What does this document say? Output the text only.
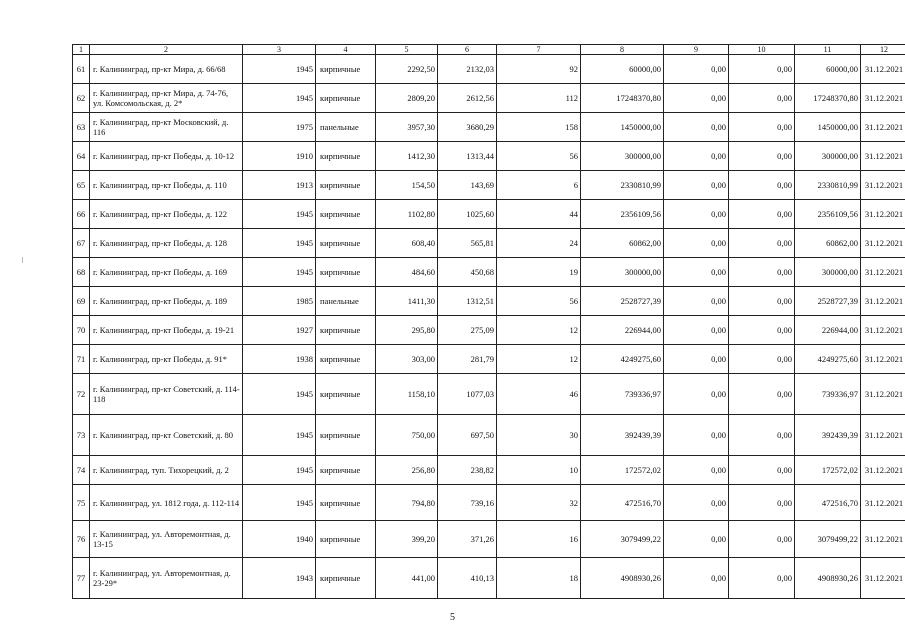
1	2	3	4	5	6	7	8	9	10	11	12
61	г. Калининград, пр-кт Мира, д. 66/68	1945	кирпичные	2292,50	2132,03	92	60000,00	0,00	0,00	60000,00	31.12.2021
62	г. Калининград, пр-кт Мира, д. 74-76, ул. Комсомольская, д. 2*	1945	кирпичные	2809,20	2612,56	112	17248370,80	0,00	0,00	17248370,80	31.12.2021
63	г. Калининград, пр-кт Московский, д. 116	1975	панельные	3957,30	3680,29	158	1450000,00	0,00	0,00	1450000,00	31.12.2021
64	г. Калининград, пр-кт Победы, д. 10-12	1910	кирпичные	1412,30	1313,44	56	300000,00	0,00	0,00	300000,00	31.12.2021
65	г. Калининград, пр-кт Победы, д. 110	1913	кирпичные	154,50	143,69	6	2330810,99	0,00	0,00	2330810,99	31.12.2021
66	г. Калининград, пр-кт Победы, д. 122	1945	кирпичные	1102,80	1025,60	44	2356109,56	0,00	0,00	2356109,56	31.12.2021
67	г. Калининград, пр-кт Победы, д. 128	1945	кирпичные	608,40	565,81	24	60862,00	0,00	0,00	60862,00	31.12.2021
68	г. Калининград, пр-кт Победы, д. 169	1945	кирпичные	484,60	450,68	19	300000,00	0,00	0,00	300000,00	31.12.2021
69	г. Калининград, пр-кт Победы, д. 189	1985	панельные	1411,30	1312,51	56	2528727,39	0,00	0,00	2528727,39	31.12.2021
70	г. Калининград, пр-кт Победы, д. 19-21	1927	кирпичные	295,80	275,09	12	226944,00	0,00	0,00	226944,00	31.12.2021
71	г. Калининград, пр-кт Победы, д. 91*	1938	кирпичные	303,00	281,79	12	4249275,60	0,00	0,00	4249275,60	31.12.2021
72	г. Калининград, пр-кт Советский, д. 114-118	1945	кирпичные	1158,10	1077,03	46	739336,97	0,00	0,00	739336,97	31.12.2021
73	г. Калининград, пр-кт Советский, д. 80	1945	кирпичные	750,00	697,50	30	392439,39	0,00	0,00	392439,39	31.12.2021
74	г. Калининград, туп. Тихорецкий, д. 2	1945	кирпичные	256,80	238,82	10	172572,02	0,00	0,00	172572,02	31.12.2021
75	г. Калининград, ул. 1812 года, д. 112-114	1945	кирпичные	794,80	739,16	32	472516,70	0,00	0,00	472516,70	31.12.2021
76	г. Калининград, ул. Авторемонтная, д. 13-15	1940	кирпичные	399,20	371,26	16	3079499,22	0,00	0,00	3079499,22	31.12.2021
77	г. Калининград, ул. Авторемонтная, д. 23-29*	1943	кирпичные	441,00	410,13	18	4908930,26	0,00	0,00	4908930,26	31.12.2021
5
